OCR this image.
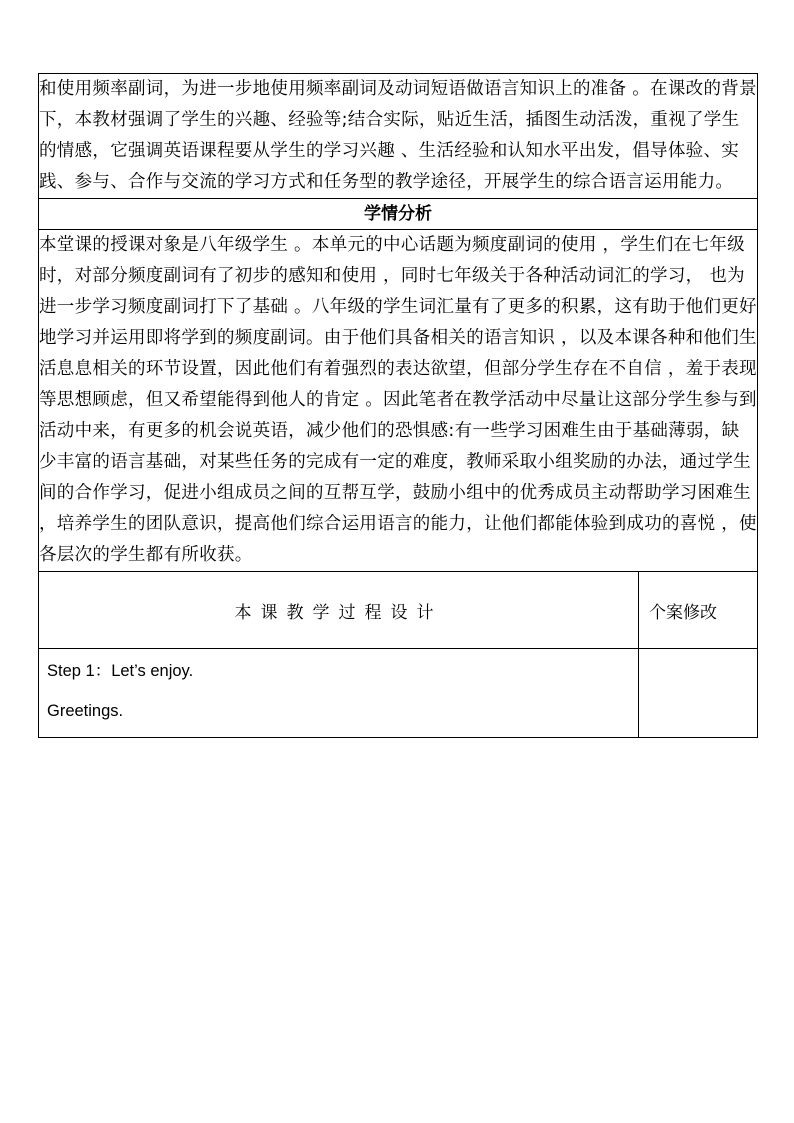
和使用频率副词，为进一步地使用频率副词及动词短语做语言知识上的准备 。在课改的背景下，本教材强调了学生的兴趣、经验等;结合实际，贴近生活，插图生动活泼，重视了学生的情感，它强调英语课程要从学生的学习兴趣 、生活经验和认知水平出发，倡导体验、实践、参与、合作与交流的学习方式和任务型的教学途径，开展学生的综合语言运用能力。	

学情分析	

本堂课的授课对象是八年级学生 。本单元的中心话题为频度副词的使用 ，学生们在七年级时，对部分频度副词有了初步的感知和使用 ，同时七年级关于各种活动词汇的学习， 也为进一步学习频度副词打下了基础 。八年级的学生词汇量有了更多的积累，这有助于他们更好地学习并运用即将学到的频度副词。由于他们具备相关的语言知识 ，以及本课各种和他们生活息息相关的环节设置，因此他们有着强烈的表达欲望，但部分学生存在不自信 ，羞于表现等思想顾虑，但又希望能得到他人的肯定 。因此笔者在教学活动中尽量让这部分学生参与到活动中来，有更多的机会说英语，减少他们的恐惧感:有一些学习困难生由于基础薄弱，缺少丰富的语言基础，对某些任务的完成有一定的难度，教师采取小组奖励的办法，通过学生间的合作学习，促进小组成员之间的互帮互学，鼓励小组中的优秀成员主动帮助学习困难生 ，培养学生的团队意识，提高他们综合运用语言的能力，让他们都能体验到成功的喜悦 ，使各层次的学生都有所收获。	

本课教学过程设计	个案修改

Step 1：Let’s enjoy.

Greetings.	
